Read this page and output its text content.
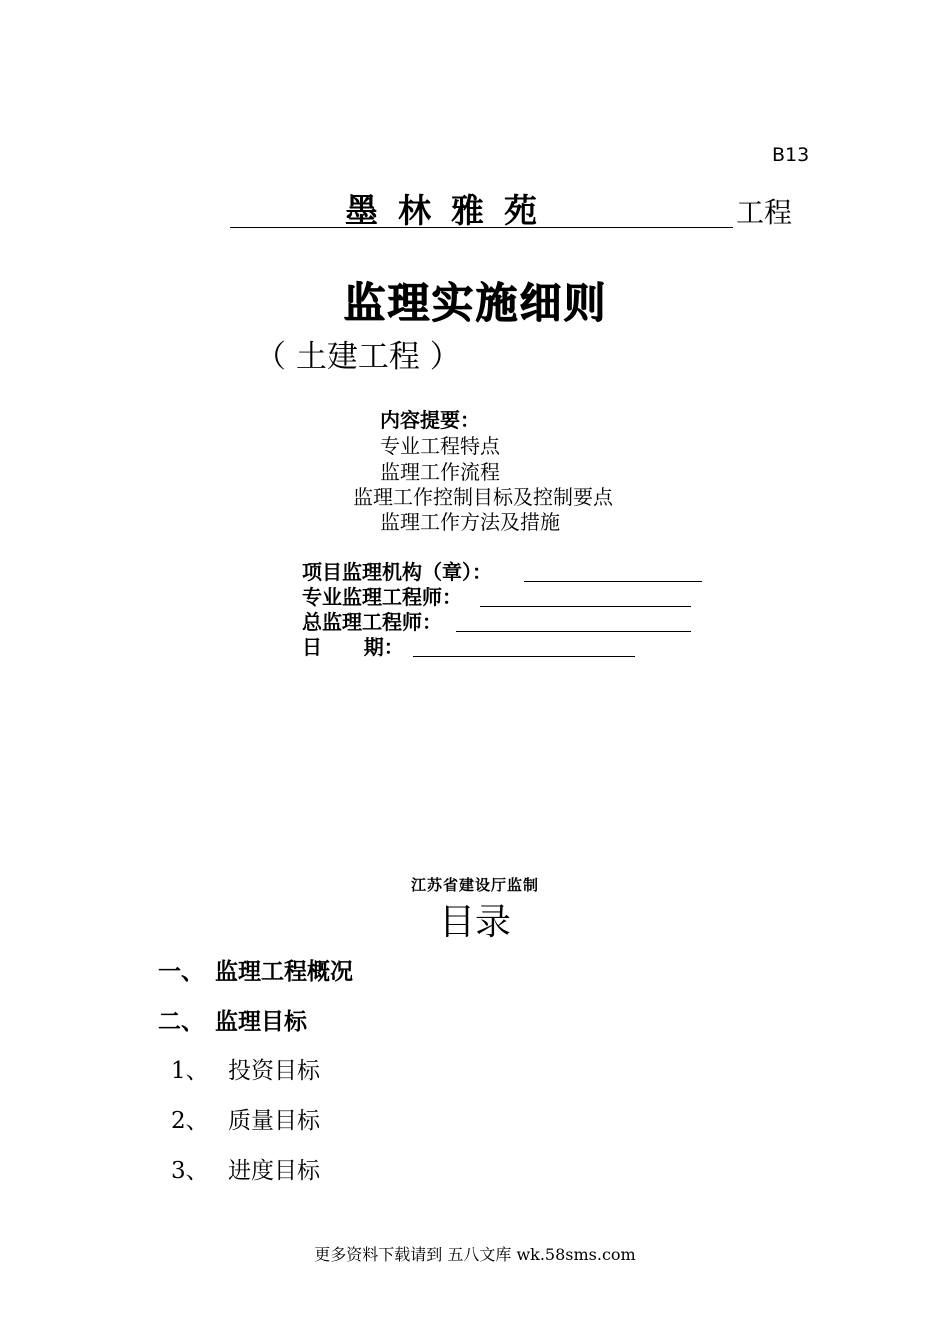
B13
墨林雅苑	工程
监理实施细则
（ 土建工程 ）
内容提要：
专业工程特点
监理工作流程
监理工作控制目标及控制要点
监理工作方法及措施
项目监理机构（章）：
专业监理工程师：
总监理工程师：
日      期：
江苏省建设厅监制
目录
一、 监理工程概况
二、 监理目标
1、 投资目标
2、 质量目标
3、 进度目标
更多资料下载请到 五八文库 wk.58sms.com
